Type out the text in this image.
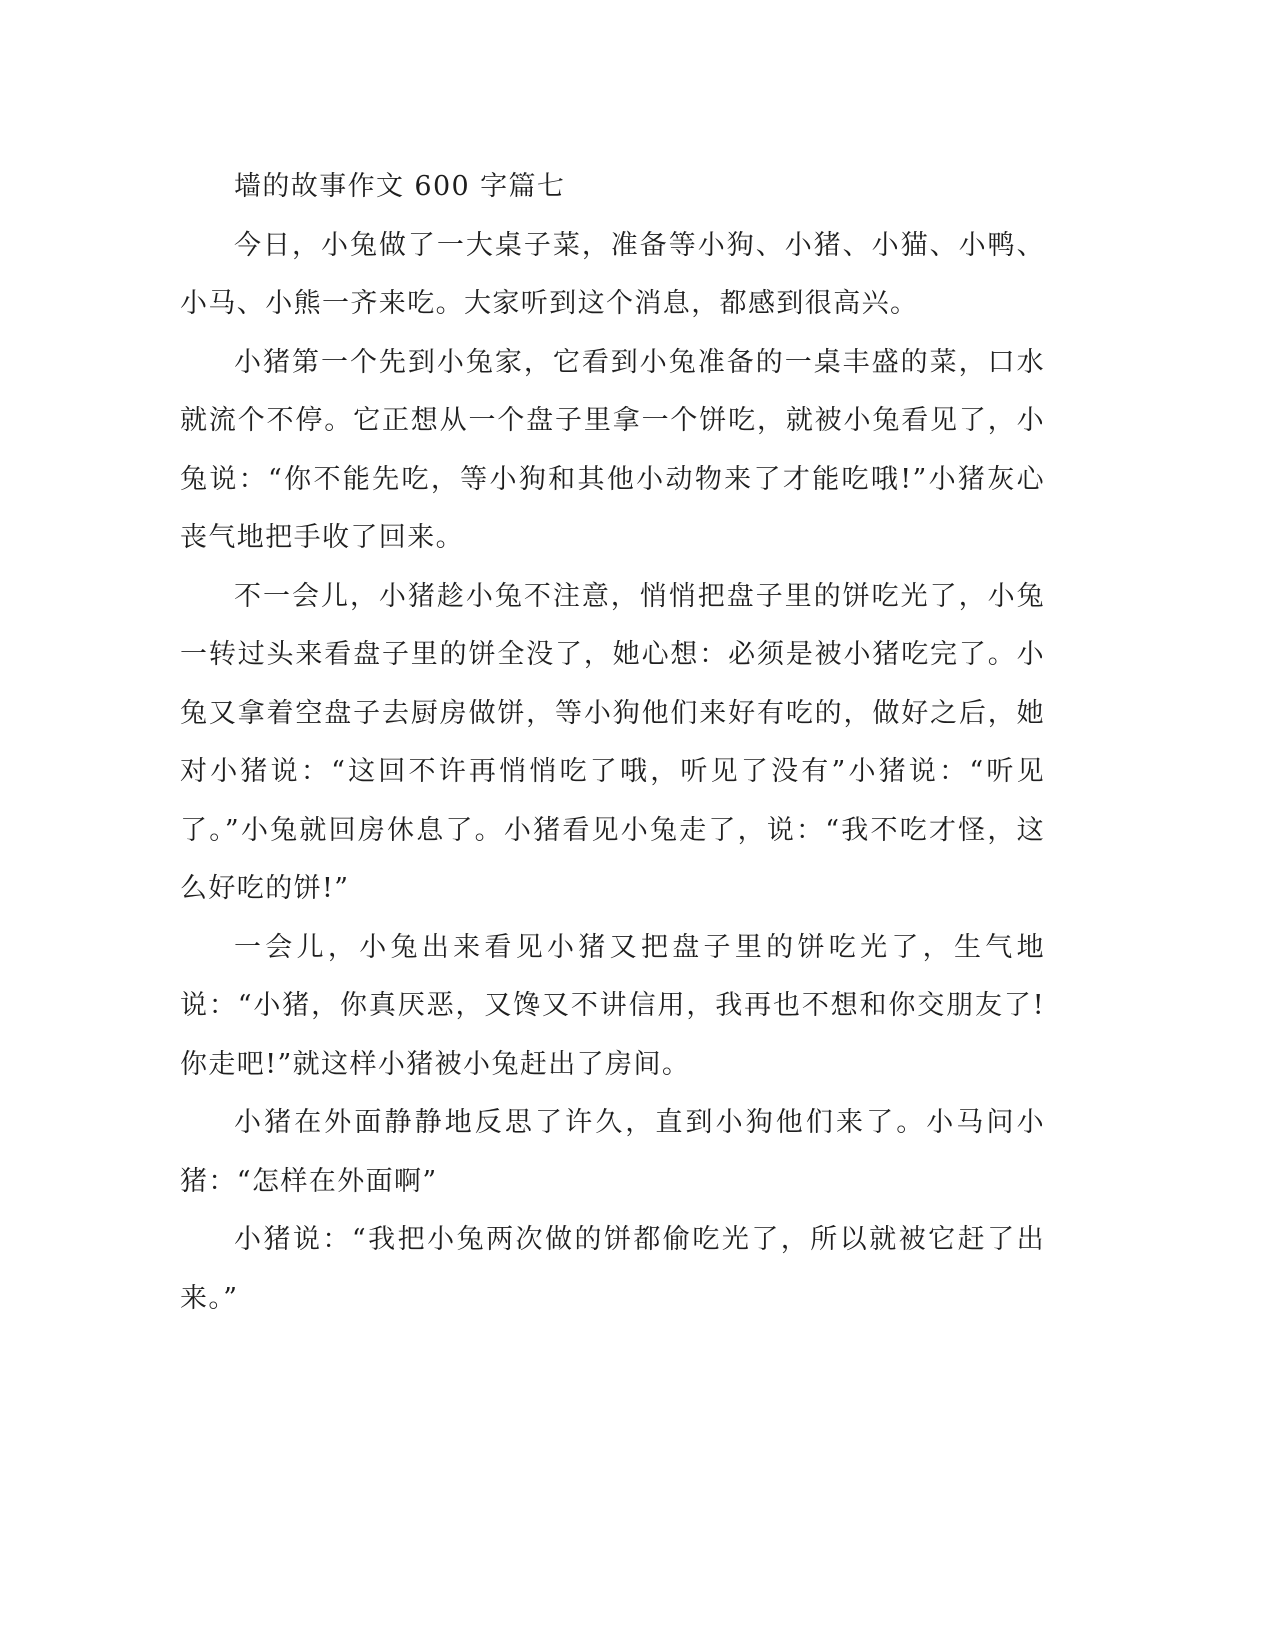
墙的故事作文 600 字篇七

今日，小兔做了一大桌子菜，准备等小狗、小猪、小猫、小鸭、小马、小熊一齐来吃。大家听到这个消息，都感到很高兴。

小猪第一个先到小兔家，它看到小兔准备的一桌丰盛的菜，口水就流个不停。它正想从一个盘子里拿一个饼吃，就被小兔看见了，小兔说：“你不能先吃，等小狗和其他小动物来了才能吃哦!”小猪灰心丧气地把手收了回来。

不一会儿，小猪趁小兔不注意，悄悄把盘子里的饼吃光了，小兔一转过头来看盘子里的饼全没了，她心想：必须是被小猪吃完了。小兔又拿着空盘子去厨房做饼，等小狗他们来好有吃的，做好之后，她对小猪说：“这回不许再悄悄吃了哦，听见了没有”小猪说：“听见了。”小兔就回房休息了。小猪看见小兔走了，说：“我不吃才怪，这么好吃的饼!”

一会儿，小兔出来看见小猪又把盘子里的饼吃光了，生气地说：“小猪，你真厌恶，又馋又不讲信用，我再也不想和你交朋友了!你走吧!”就这样小猪被小兔赶出了房间。

小猪在外面静静地反思了许久，直到小狗他们来了。小马问小猪：“怎样在外面啊”

小猪说：“我把小兔两次做的饼都偷吃光了，所以就被它赶了出来。”
